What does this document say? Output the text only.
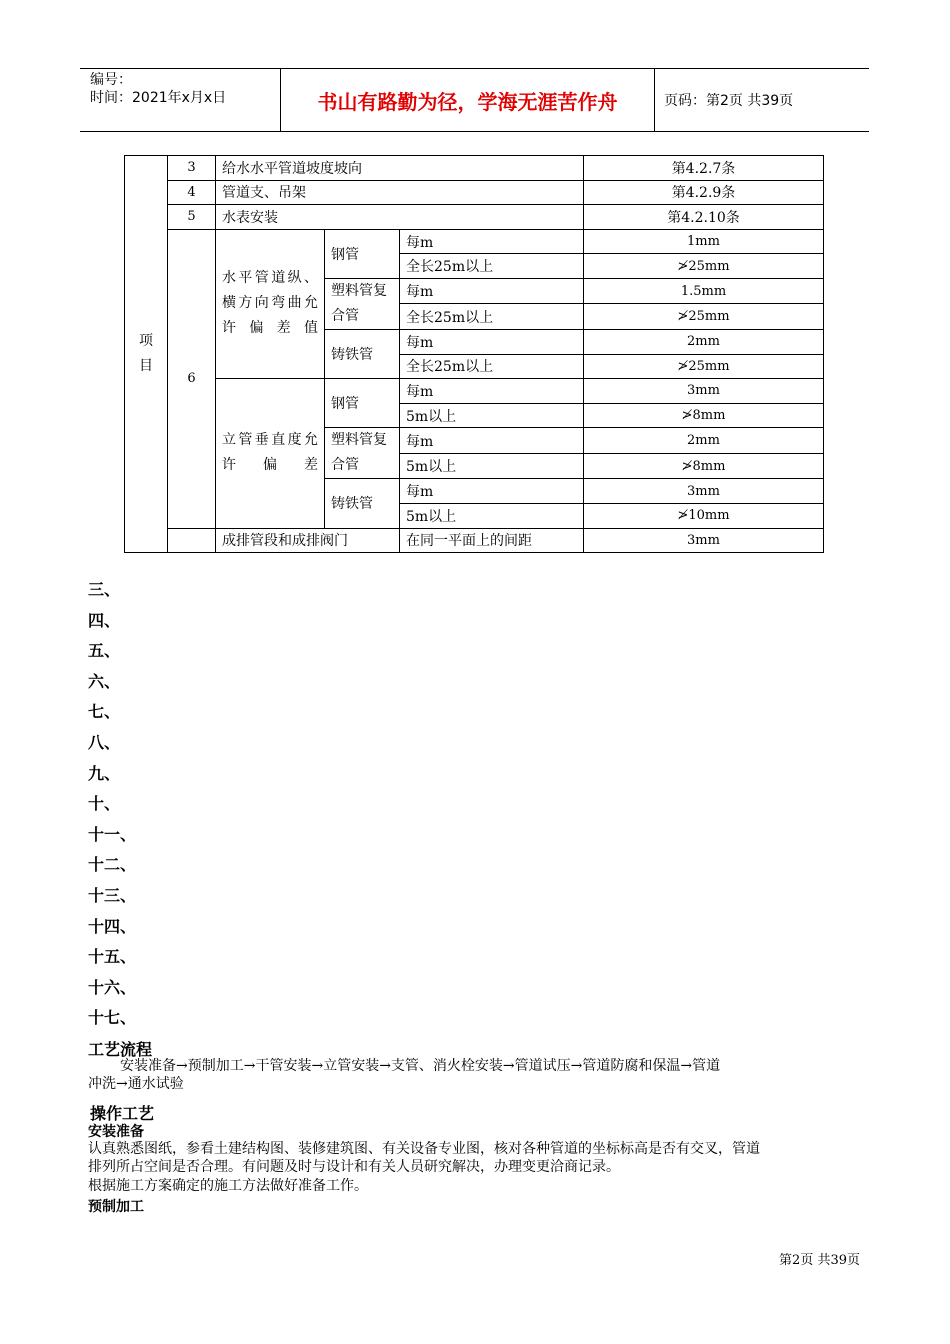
编号：
时间：2021年x月x日	书山有路勤为径，学海无涯苦作舟	页码：第2页 共39页
项
目	3	给水水平管道坡度坡向			第4.2.7条
	4	管道支、吊架			第4.2.9条
	5	水表安装			第4.2.10条
	6	水平管道纵、横方向弯曲允许偏差值	钢管	每m	1mm
				全长25m以上	≯25mm
			塑料管复合管	每m	1.5mm
				全长25m以上	≯25mm
			铸铁管	每m	2mm
				全长25m以上	≯25mm
		立管垂直度允许偏差	钢管	每m	3mm
				5m以上	≯8mm
			塑料管复合管	每m	2mm
				5m以上	≯8mm
			铸铁管	每m	3mm
				5m以上	≯10mm
		成排管段和成排阀门		在同一平面上的间距	3mm
三、
四、
五、
六、
七、
八、
九、
十、
十一、
十二、
十三、
十四、
十五、
十六、
十七、
工艺流程
安装准备→预制加工→干管安装→立管安装→支管、消火栓安装→管道试压→管道防腐和保温→管道
冲洗→通水试验
操作工艺
安装准备
认真熟悉图纸，参看土建结构图、装修建筑图、有关设备专业图，核对各种管道的坐标标高是否有交叉，管道
排列所占空间是否合理。有问题及时与设计和有关人员研究解决，办理变更洽商记录。
根据施工方案确定的施工方法做好准备工作。
预制加工
第2页 共39页
